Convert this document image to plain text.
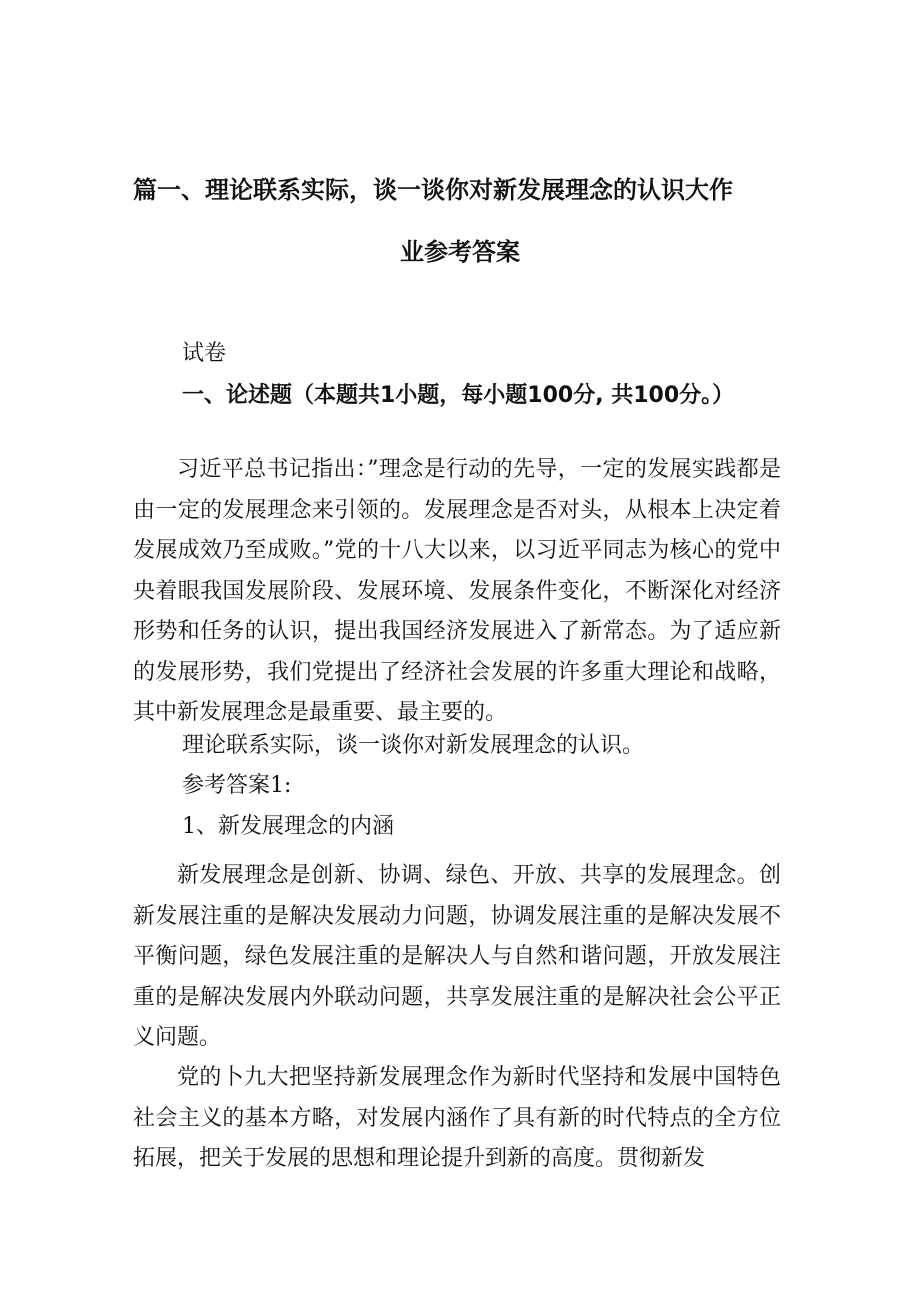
篇一、理论联系实际，谈一谈你对新发展理念的认识大作
业参考答案
试卷
一、论述题（本题共1小题，每小题100分, 共100分。）

习近平总书记指出：”理念是行动的先导，一定的发展实践都是由一定的发展理念来引领的。发展理念是否对头，从根本上决定着发展成效乃至成败。”党的十八大以来，以习近平同志为核心的党中央着眼我国发展阶段、发展环境、发展条件变化，不断深化对经济形势和任务的认识，提出我国经济发展进入了新常态。为了适应新的发展形势，我们党提出了经济社会发展的许多重大理论和战略，其中新发展理念是最重要、最主要的。

理论联系实际，谈一谈你对新发展理念的认识。
参考答案1:
1、新发展理念的内涵

新发展理念是创新、协调、绿色、开放、共享的发展理念。创新发展注重的是解决发展动力问题，协调发展注重的是解决发展不平衡问题，绿色发展注重的是解决人与自然和谐问题，开放发展注重的是解决发展内外联动问题，共享发展注重的是解决社会公平正义问题。

党的卜九大把坚持新发展理念作为新时代坚持和发展中国特色社会主义的基本方略，对发展内涵作了具有新的时代特点的全方位拓展，把关于发展的思想和理论提升到新的高度。贯彻新发
